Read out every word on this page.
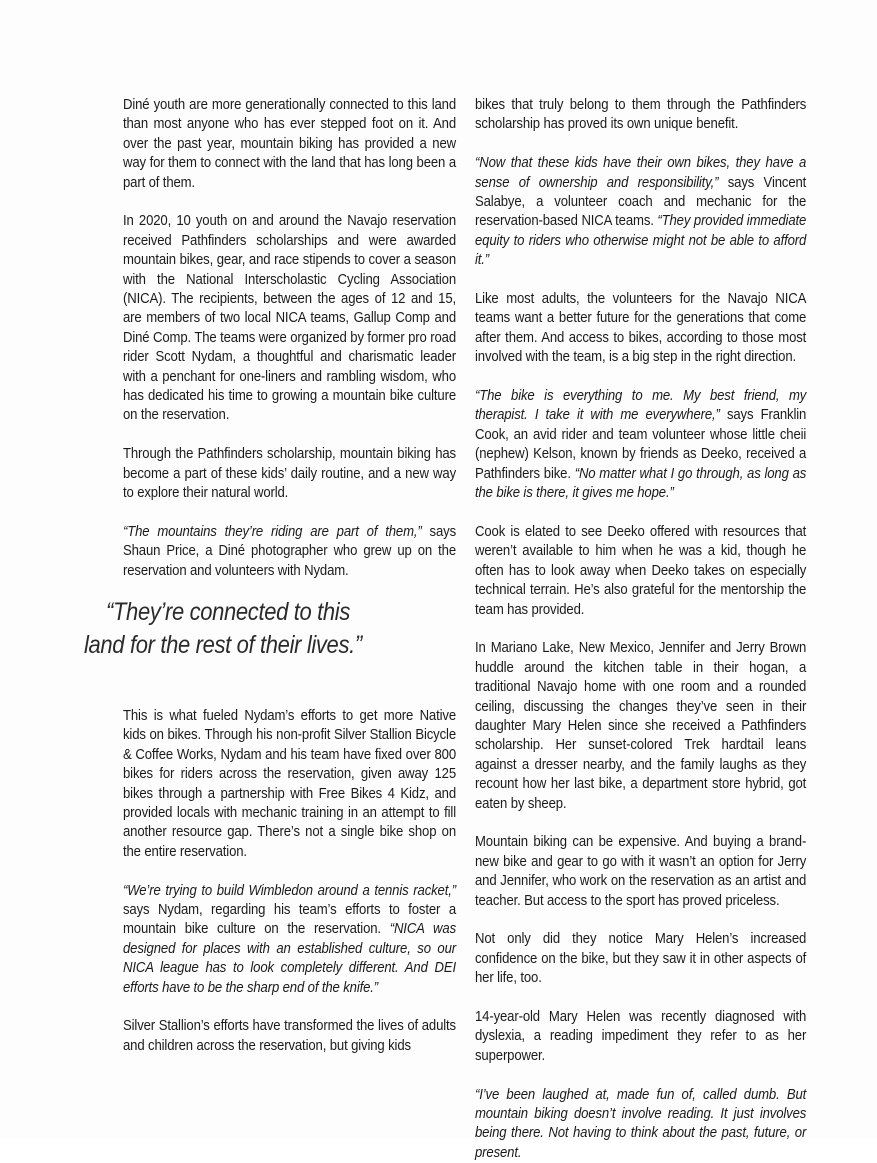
Diné youth are more generationally connected to this land than most anyone who has ever stepped foot on it. And over the past year, mountain biking has provided a new way for them to connect with the land that has long been a part of them.

In 2020, 10 youth on and around the Navajo reservation received Pathfinders scholarships and were awarded mountain bikes, gear, and race stipends to cover a season with the National Interscholastic Cycling Association (NICA). The recipients, between the ages of 12 and 15, are members of two local NICA teams, Gallup Comp and Diné Comp. The teams were organized by former pro road rider Scott Nydam, a thoughtful and charismatic leader with a penchant for one-liners and rambling wisdom, who has dedicated his time to growing a mountain bike culture on the reservation.

Through the Pathfinders scholarship, mountain biking has become a part of these kids’ daily routine, and a new way to explore their natural world.

“The mountains they’re riding are part of them,” says Shaun Price, a Diné photographer who grew up on the reservation and volunteers with Nydam.

“They’re connected to this
land for the rest of their lives.”

This is what fueled Nydam’s efforts to get more Native kids on bikes. Through his non-profit Silver Stallion Bicycle & Coffee Works, Nydam and his team have fixed over 800 bikes for riders across the reservation, given away 125 bikes through a partnership with Free Bikes 4 Kidz, and provided locals with mechanic training in an attempt to fill another resource gap. There’s not a single bike shop on the entire reservation.

“We’re trying to build Wimbledon around a tennis racket,” says Nydam, regarding his team’s efforts to foster a mountain bike culture on the reservation. “NICA was designed for places with an established culture, so our NICA league has to look completely different. And DEI efforts have to be the sharp end of the knife.”

Silver Stallion’s efforts have transformed the lives of adults and children across the reservation, but giving kids

bikes that truly belong to them through the Pathfinders scholarship has proved its own unique benefit.

“Now that these kids have their own bikes, they have a sense of ownership and responsibility,” says Vincent Salabye, a volunteer coach and mechanic for the reservation-based NICA teams. “They provided immediate equity to riders who otherwise might not be able to afford it.”

Like most adults, the volunteers for the Navajo NICA teams want a better future for the generations that come after them. And access to bikes, according to those most involved with the team, is a big step in the right direction.

“The bike is everything to me. My best friend, my therapist. I take it with me everywhere,” says Franklin Cook, an avid rider and team volunteer whose little cheii (nephew) Kelson, known by friends as Deeko, received a Pathfinders bike. “No matter what I go through, as long as the bike is there, it gives me hope.”

Cook is elated to see Deeko offered with resources that weren’t available to him when he was a kid, though he often has to look away when Deeko takes on especially technical terrain. He’s also grateful for the mentorship the team has provided.

In Mariano Lake, New Mexico, Jennifer and Jerry Brown huddle around the kitchen table in their hogan, a traditional Navajo home with one room and a rounded ceiling, discussing the changes they’ve seen in their daughter Mary Helen since she received a Pathfinders scholarship. Her sunset-colored Trek hardtail leans against a dresser nearby, and the family laughs as they recount how her last bike, a department store hybrid, got eaten by sheep.

Mountain biking can be expensive. And buying a brand-new bike and gear to go with it wasn’t an option for Jerry and Jennifer, who work on the reservation as an artist and teacher. But access to the sport has proved priceless.

Not only did they notice Mary Helen’s increased confidence on the bike, but they saw it in other aspects of her life, too.

14-year-old Mary Helen was recently diagnosed with dyslexia, a reading impediment they refer to as her superpower.

“I’ve been laughed at, made fun of, called dumb. But mountain biking doesn’t involve reading. It just involves being there. Not having to think about the past, future, or present.
